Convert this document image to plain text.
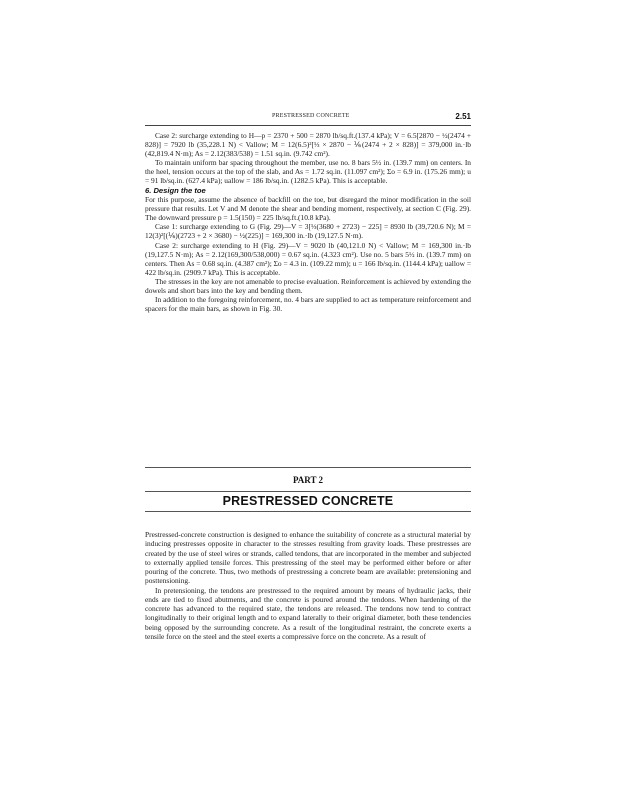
PRESTRESSED CONCRETE	2.51

Case 2: surcharge extending to H—p = 2370 + 500 = 2870 lb/sq.ft.(137.4 kPa); V = 6.5[2870 − ½(2474 + 828)] = 7920 lb (35,228.1 N) < Vallow; M = 12(6.5)²[⅓ × 2870 − ⅙(2474 + 2 × 828)] = 379,000 in.·lb (42,819.4 N·m); As = 2.12(383/538) = 1.51 sq.in. (9.742 cm²).

To maintain uniform bar spacing throughout the member, use no. 8 bars 5½ in. (139.7 mm) on centers. In the heel, tension occurs at the top of the slab, and As = 1.72 sq.in. (11.097 cm²); Σo = 6.9 in. (175.26 mm); u = 91 lb/sq.in. (627.4 kPa); uallow = 186 lb/sq.in. (1282.5 kPa). This is acceptable.

6. Design the toe

For this purpose, assume the absence of backfill on the toe, but disregard the minor modification in the soil pressure that results. Let V and M denote the shear and bending moment, respectively, at section C (Fig. 29). The downward pressure p = 1.5(150) = 225 lb/sq.ft.(10.8 kPa).

Case 1: surcharge extending to G (Fig. 29)—V = 3[⅓(3680 + 2723) − 225] = 8930 lb (39,720.6 N); M = 12(3)²[(⅙)(2723 + 2 × 3680) − ½(225)] = 169,300 in.·lb (19,127.5 N·m).

Case 2: surcharge extending to H (Fig. 29)—V = 9020 lb (40,121.0 N) < Vallow; M = 169,300 in.·lb (19,127.5 N·m); As = 2.12(169,300/538,000) = 0.67 sq.in. (4.323 cm²). Use no. 5 bars 5½ in. (139.7 mm) on centers. Then As = 0.68 sq.in. (4.387 cm²); Σo = 4.3 in. (109.22 mm); u = 166 lb/sq.in. (1144.4 kPa); uallow = 422 lb/sq.in. (2909.7 kPa). This is acceptable.

The stresses in the key are not amenable to precise evaluation. Reinforcement is achieved by extending the dowels and short bars into the key and bending them.

In addition to the foregoing reinforcement, no. 4 bars are supplied to act as temperature reinforcement and spacers for the main bars, as shown in Fig. 30.

PART 2
PRESTRESSED CONCRETE

Prestressed-concrete construction is designed to enhance the suitability of concrete as a structural material by inducing prestresses opposite in character to the stresses resulting from gravity loads. These prestresses are created by the use of steel wires or strands, called tendons, that are incorporated in the member and subjected to externally applied tensile forces. This prestressing of the steel may be performed either before or after pouring of the concrete. Thus, two methods of prestressing a concrete beam are available: pretensioning and posttensioning.

In pretensioning, the tendons are prestressed to the required amount by means of hydraulic jacks, their ends are tied to fixed abutments, and the concrete is poured around the tendons. When hardening of the concrete has advanced to the required state, the tendons are released. The tendons now tend to contract longitudinally to their original length and to expand laterally to their original diameter, both these tendencies being opposed by the surrounding concrete. As a result of the longitudinal restraint, the concrete exerts a tensile force on the steel and the steel exerts a compressive force on the concrete. As a result of
